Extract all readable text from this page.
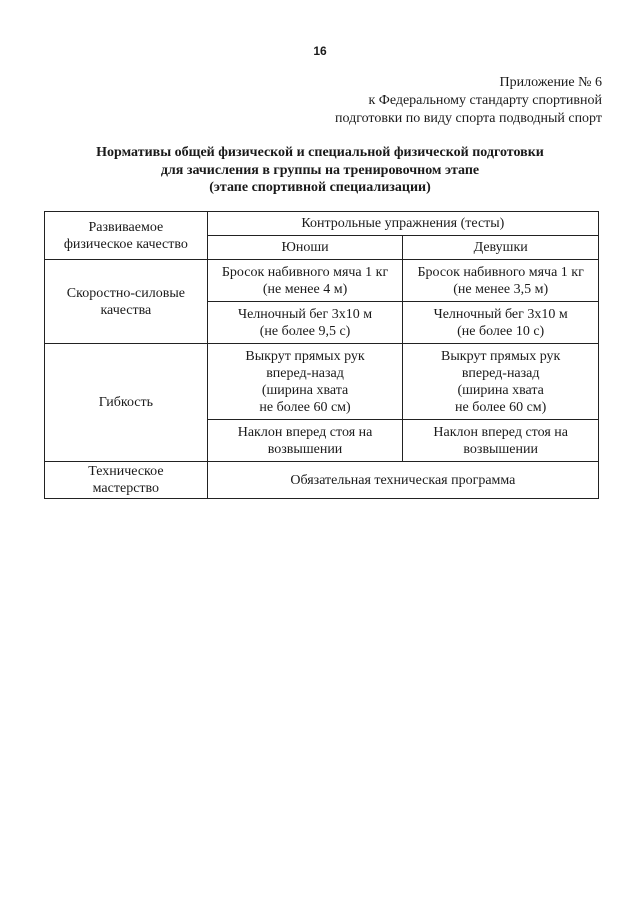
16
Приложение № 6
к Федеральному стандарту спортивной
подготовки по виду спорта подводный спорт
Нормативы общей физической и специальной физической подготовки
для зачисления в группы на тренировочном этапе
(этапе спортивной специализации)
Развиваемое
физическое качество	Контрольные упражнения (тесты)	
	Юноши	Девушки

Скоростно-силовые
качества	Бросок набивного мяча 1 кг
(не менее 4 м)	Бросок набивного мяча 1 кг
(не менее 3,5 м)

	Челночный бег 3х10 м
(не более 9,5 с)	Челночный бег 3х10 м
(не более 10 с)

Гибкость	Выкрут прямых рук
вперед-назад
(ширина хвата
не более 60 см)	Выкрут прямых рук
вперед-назад
(ширина хвата
не более 60 см)

	Наклон вперед стоя на
возвышении	Наклон вперед стоя на
возвышении

Техническое
мастерство	Обязательная техническая программа	
